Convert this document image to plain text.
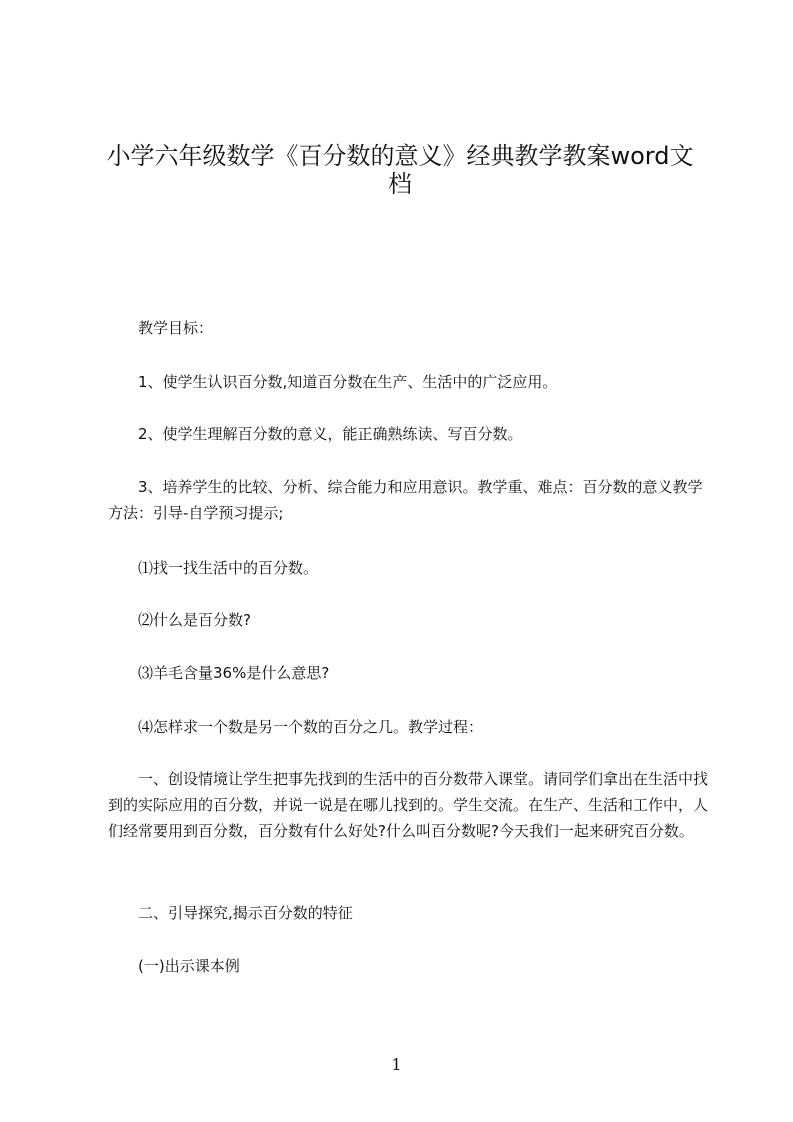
小学六年级数学《百分数的意义》经典教学教案word文
档

教学目标：

1、使学生认识百分数,知道百分数在生产、生活中的广泛应用。

2、使学生理解百分数的意义，能正确熟练读、写百分数。

3、培养学生的比较、分析、综合能力和应用意识。教学重、难点：百分数的意义教学方法：引导-自学预习提示;

⑴找一找生活中的百分数。

⑵什么是百分数?

⑶羊毛含量36%是什么意思?

⑷怎样求一个数是另一个数的百分之几。教学过程：

一、创设情境让学生把事先找到的生活中的百分数带入课堂。请同学们拿出在生活中找到的实际应用的百分数，并说一说是在哪儿找到的。学生交流。在生产、生活和工作中，人们经常要用到百分数，百分数有什么好处?什么叫百分数呢?今天我们一起来研究百分数。

二、引导探究,揭示百分数的特征

(一)出示课本例

1
